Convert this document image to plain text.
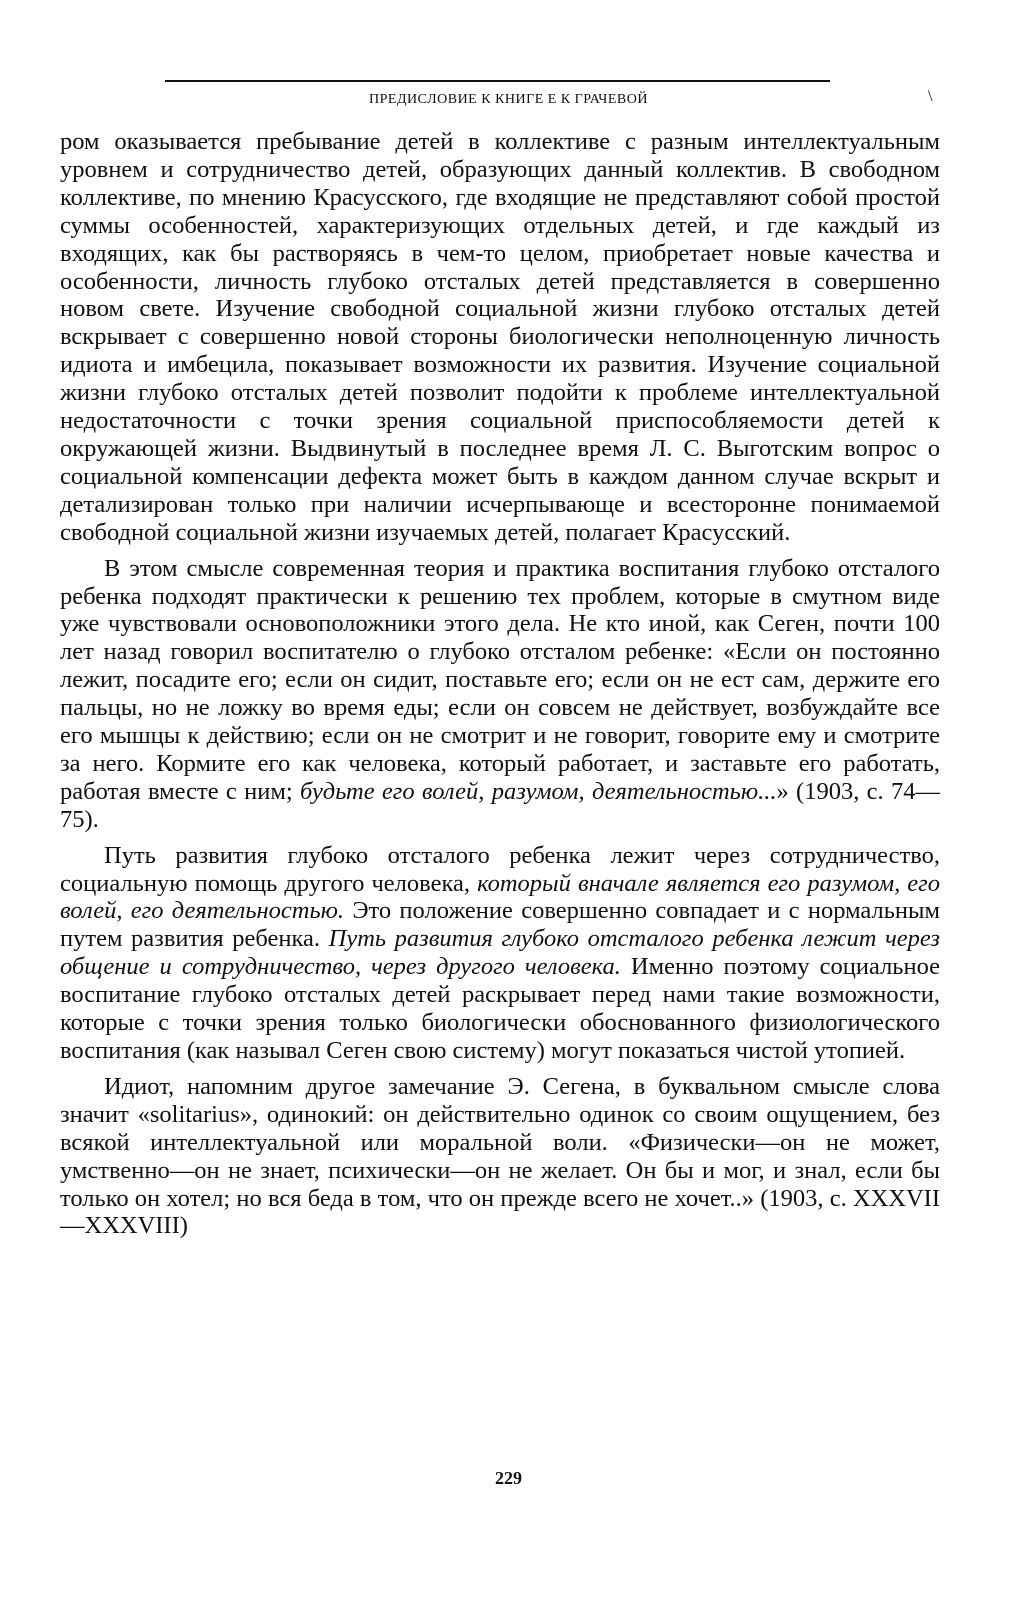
ПРЕДИСЛОВИЕ К КНИГЕ Е К ГРАЧЕВОЙ	\

ром оказывается пребывание детей в коллективе с разным интеллектуальным уровнем и сотрудничество детей, образующих данный коллектив. В свободном коллективе, по мнению Красусского, где входящие не представляют собой простой суммы особенностей, характеризующих отдельных детей, и где каждый из входящих, как бы растворяясь в чем-то целом, приобретает новые качества и особенности, личность глубоко отсталых детей представляется в совершенно новом свете. Изучение свободной социальной жизни глубоко отсталых детей вскрывает с совершенно новой стороны биологически неполноценную личность идиота и имбецила, показывает возможности их развития. Изучение социальной жизни глубоко отсталых детей позволит подойти к проблеме интеллектуальной недостаточности с точки зрения социальной приспособляемости детей к окружающей жизни. Выдвинутый в последнее время Л. С. Выготским вопрос о социальной компенсации дефекта может быть в каждом данном случае вскрыт и детализирован только при наличии исчерпывающе и всесторонне понимаемой свободной социальной жизни изучаемых детей, полагает Красусский.

В этом смысле современная теория и практика воспитания глубоко отсталого ребенка подходят практически к решению тех проблем, которые в смутном виде уже чувствовали основоположники этого дела. Не кто иной, как Сеген, почти 100 лет назад говорил воспитателю о глубоко отсталом ребенке: «Если он постоянно лежит, посадите его; если он сидит, поставьте его; если он не ест сам, держите его пальцы, но не ложку во время еды; если он совсем не действует, возбуждайте все его мышцы к действию; если он не смотрит и не говорит, говорите ему и смотрите за него. Кормите его как человека, который работает, и заставьте его работать, работая вместе с ним; будьте его волей, разумом, деятельностью...» (1903, с. 74—75).

Путь развития глубоко отсталого ребенка лежит через сотрудничество, социальную помощь другого человека, который вначале является его разумом, его волей, его деятельностью. Это положение совершенно совпадает и с нормальным путем развития ребенка. Путь развития глубоко отсталого ребенка лежит через общение и сотрудничество, через другого человека. Именно поэтому социальное воспитание глубоко отсталых детей раскрывает перед нами такие возможности, которые с точки зрения только биологически обоснованного физиологического воспитания (как называл Сеген свою систему) могут показаться чистой утопией.

Идиот, напомним другое замечание Э. Сегена, в буквальном смысле слова значит «solitarius», одинокий: он действительно одинок со своим ощущением, без всякой интеллектуальной или моральной воли. «Физически—он не может, умственно—он не знает, психически—он не желает. Он бы и мог, и знал, если бы только он хотел; но вся беда в том, что он прежде всего не хочет..» (1903, с. XXXVII—XXXVIII)

229
